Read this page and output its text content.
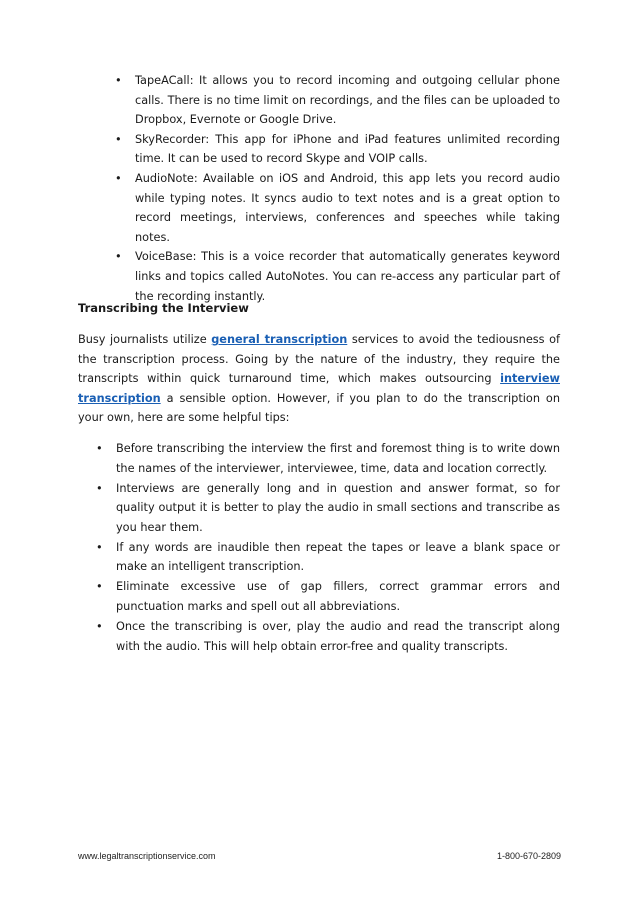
• TapeACall: It allows you to record incoming and outgoing cellular phone calls. There is no time limit on recordings, and the files can be uploaded to Dropbox, Evernote or Google Drive.
• SkyRecorder: This app for iPhone and iPad features unlimited recording time. It can be used to record Skype and VOIP calls.
• AudioNote: Available on iOS and Android, this app lets you record audio while typing notes. It syncs audio to text notes and is a great option to record meetings, interviews, conferences and speeches while taking notes.
• VoiceBase: This is a voice recorder that automatically generates keyword links and topics called AutoNotes. You can re-access any particular part of the recording instantly.
Transcribing the Interview

Busy journalists utilize general transcription services to avoid the tediousness of the transcription process. Going by the nature of the industry, they require the transcripts within quick turnaround time, which makes outsourcing interview transcription a sensible option. However, if you plan to do the transcription on your own, here are some helpful tips:

• Before transcribing the interview the first and foremost thing is to write down the names of the interviewer, interviewee, time, data and location correctly.
• Interviews are generally long and in question and answer format, so for quality output it is better to play the audio in small sections and transcribe as you hear them.
• If any words are inaudible then repeat the tapes or leave a blank space or make an intelligent transcription.
• Eliminate excessive use of gap fillers, correct grammar errors and punctuation marks and spell out all abbreviations.
• Once the transcribing is over, play the audio and read the transcript along with the audio. This will help obtain error-free and quality transcripts.
www.legaltranscriptionservice.com	1-800-670-2809
